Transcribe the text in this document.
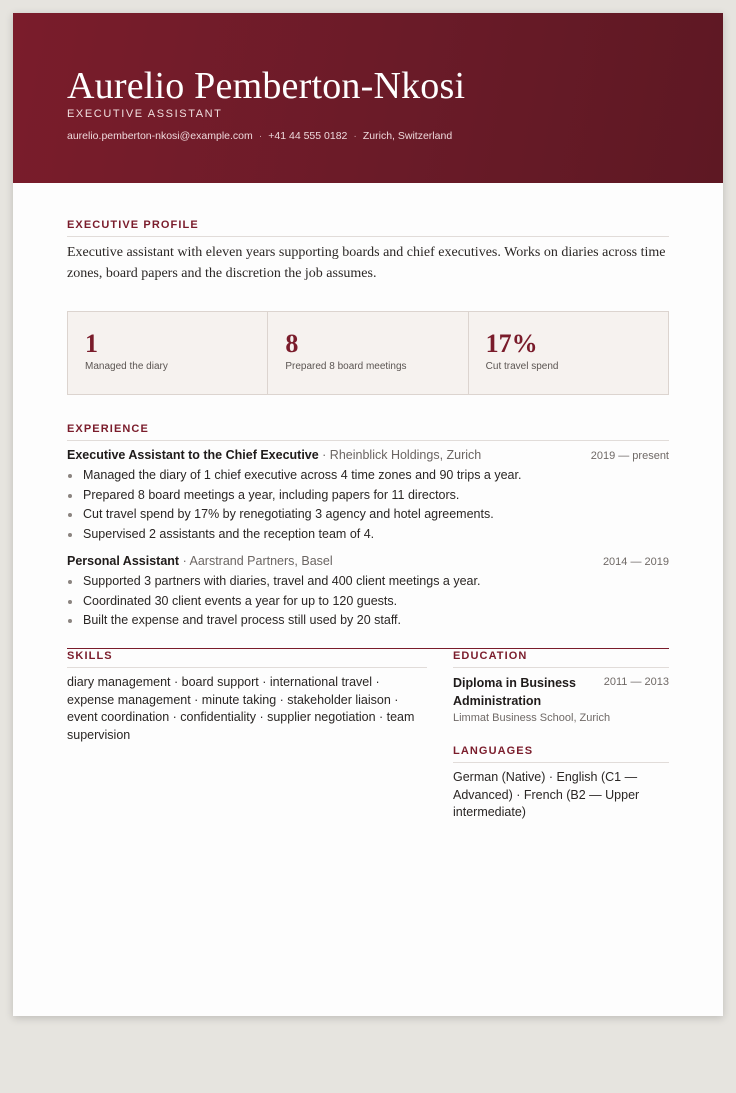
Aurelio Pemberton-Nkosi
EXECUTIVE ASSISTANT
aurelio.pemberton-nkosi@example.com · +41 44 555 0182 · Zurich, Switzerland
EXECUTIVE PROFILE
Executive assistant with eleven years supporting boards and chief executives. Works on diaries across time zones, board papers and the discretion the job assumes.
1
Managed the diary
8
Prepared 8 board meetings
17%
Cut travel spend
EXPERIENCE
Executive Assistant to the Chief Executive · Rheinblick Holdings, Zurich	2019 — present
Managed the diary of 1 chief executive across 4 time zones and 90 trips a year.
Prepared 8 board meetings a year, including papers for 11 directors.
Cut travel spend by 17% by renegotiating 3 agency and hotel agreements.
Supervised 2 assistants and the reception team of 4.
Personal Assistant · Aarstrand Partners, Basel	2014 — 2019
Supported 3 partners with diaries, travel and 400 client meetings a year.
Coordinated 30 client events a year for up to 120 guests.
Built the expense and travel process still used by 20 staff.
SKILLS
diary management · board support · international travel · expense management · minute taking · stakeholder liaison · event coordination · confidentiality · supplier negotiation · team supervision
EDUCATION
Diploma in Business Administration
2011 — 2013
Limmat Business School, Zurich
LANGUAGES
German (Native) · English (C1 — Advanced) · French (B2 — Upper intermediate)
